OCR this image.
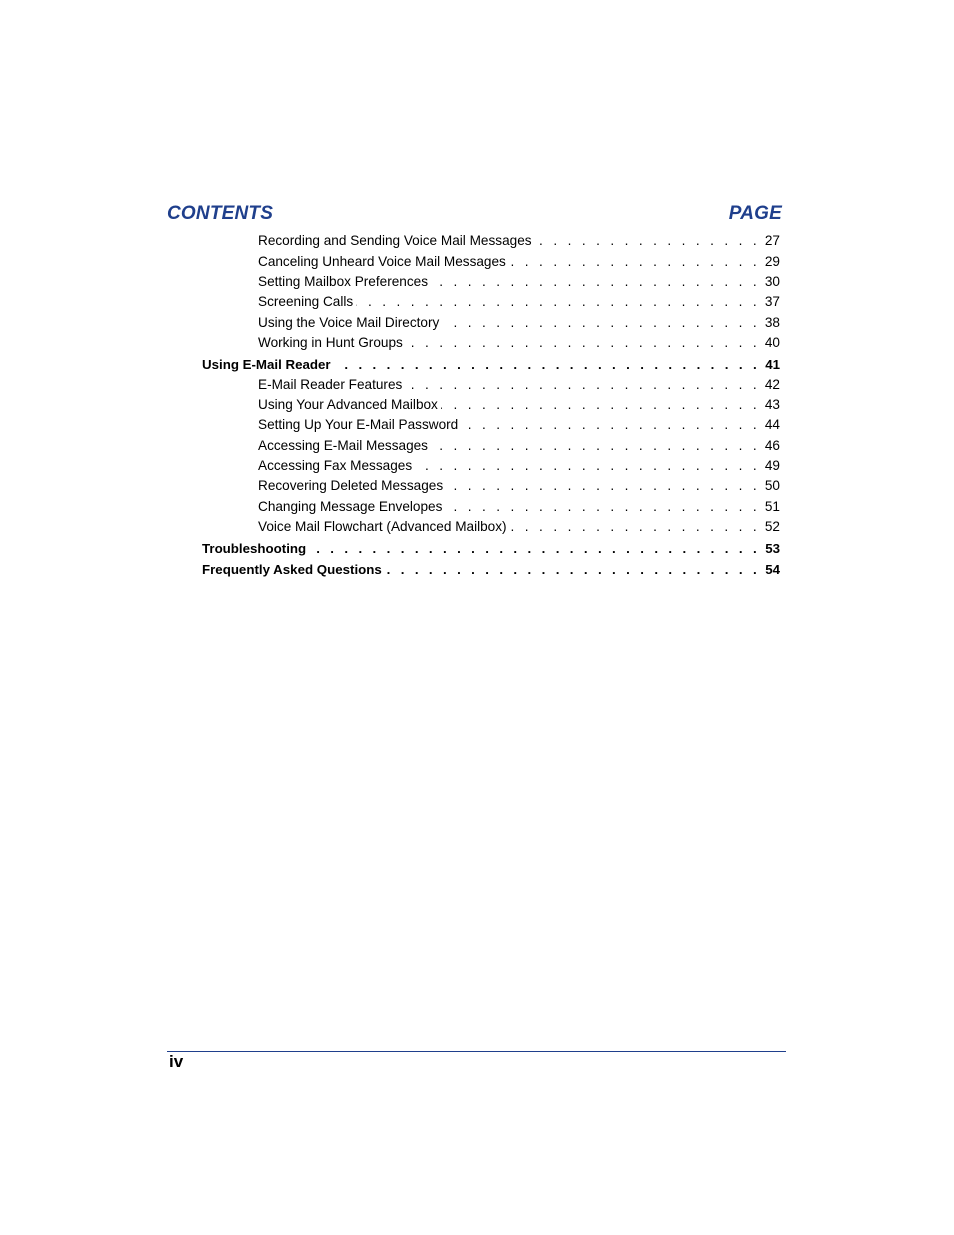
CONTENTS	PAGE
Recording and Sending Voice Mail Messages . . .	27
Canceling Unheard Voice Mail Messages . . .	29
Setting Mailbox Preferences . . .	30
Screening Calls . . .	37
Using the Voice Mail Directory . . .	38
Working in Hunt Groups . . .	40
Using E-Mail Reader . . .	41
E-Mail Reader Features . . .	42
Using Your Advanced Mailbox . . .	43
Setting Up Your E-Mail Password . . .	44
Accessing E-Mail Messages . . .	46
Accessing Fax Messages . . .	49
Recovering Deleted Messages . . .	50
Changing Message Envelopes . . .	51
Voice Mail Flowchart (Advanced Mailbox) . . .	52
Troubleshooting . . .	53
Frequently Asked Questions . . .	54
iv
